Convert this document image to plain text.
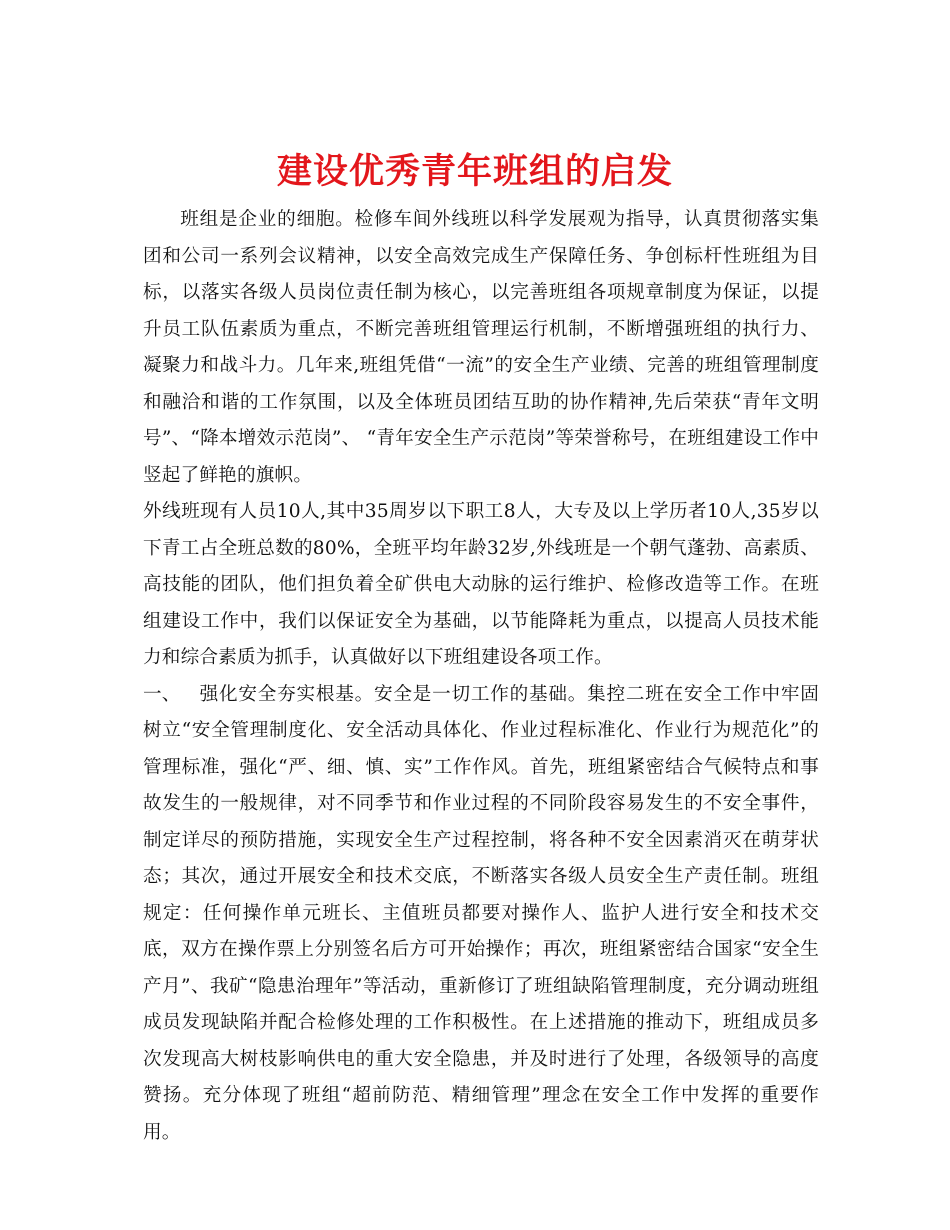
建设优秀青年班组的启发

班组是企业的细胞。检修车间外线班以科学发展观为指导，认真贯彻落实集团和公司一系列会议精神，以安全高效完成生产保障任务、争创标杆性班组为目标，以落实各级人员岗位责任制为核心，以完善班组各项规章制度为保证，以提升员工队伍素质为重点，不断完善班组管理运行机制，不断增强班组的执行力、凝聚力和战斗力。几年来,班组凭借“一流”的安全生产业绩、完善的班组管理制度和融洽和谐的工作氛围，以及全体班员团结互助的协作精神,先后荣获“青年文明号”、“降本增效示范岗”、 “青年安全生产示范岗”等荣誉称号，在班组建设工作中竖起了鲜艳的旗帜。

外线班现有人员10人,其中35周岁以下职工8人，大专及以上学历者10人,35岁以下青工占全班总数的80%，全班平均年龄32岁,外线班是一个朝气蓬勃、高素质、高技能的团队，他们担负着全矿供电大动脉的运行维护、检修改造等工作。在班组建设工作中，我们以保证安全为基础，以节能降耗为重点，以提高人员技术能力和综合素质为抓手，认真做好以下班组建设各项工作。

一、 强化安全夯实根基。安全是一切工作的基础。集控二班在安全工作中牢固树立“安全管理制度化、安全活动具体化、作业过程标准化、作业行为规范化”的管理标准，强化“严、细、慎、实”工作作风。首先，班组紧密结合气候特点和事故发生的一般规律，对不同季节和作业过程的不同阶段容易发生的不安全事件，制定详尽的预防措施，实现安全生产过程控制，将各种不安全因素消灭在萌芽状态；其次，通过开展安全和技术交底，不断落实各级人员安全生产责任制。班组规定：任何操作单元班长、主值班员都要对操作人、监护人进行安全和技术交底，双方在操作票上分别签名后方可开始操作；再次，班组紧密结合国家“安全生产月”、我矿“隐患治理年”等活动，重新修订了班组缺陷管理制度，充分调动班组成员发现缺陷并配合检修处理的工作积极性。在上述措施的推动下，班组成员多次发现高大树枝影响供电的重大安全隐患，并及时进行了处理，各级领导的高度赞扬。充分体现了班组“超前防范、精细管理”理念在安全工作中发挥的重要作用。
